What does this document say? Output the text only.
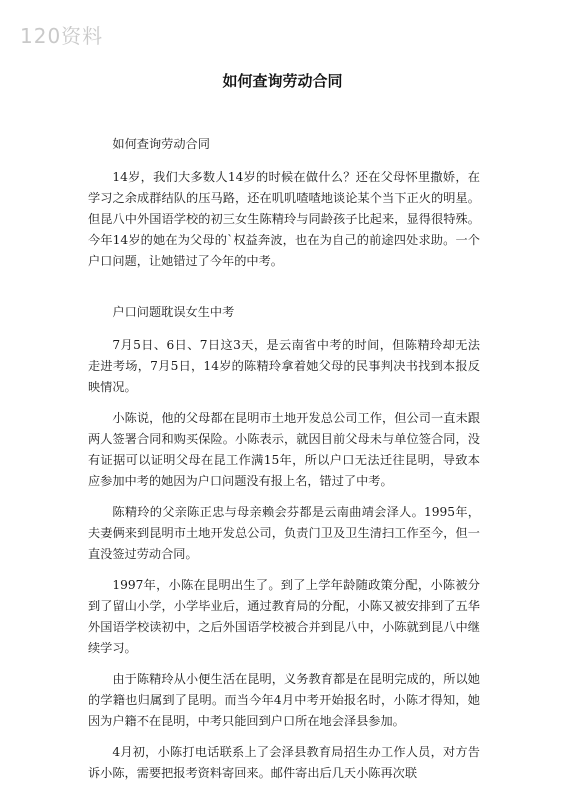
120资料
如何查询劳动合同

如何查询劳动合同

14岁，我们大多数人14岁的时候在做什么？还在父母怀里撒娇，在学习之余成群结队的压马路，还在叽叽喳喳地谈论某个当下正火的明星。但昆八中外国语学校的初三女生陈精玲与同龄孩子比起来，显得很特殊。今年14岁的她在为父母的`权益奔波，也在为自己的前途四处求助。一个户口问题，让她错过了今年的中考。

户口问题耽误女生中考

7月5日、6日、7日这3天，是云南省中考的时间，但陈精玲却无法走进考场，7月5日，14岁的陈精玲拿着她父母的民事判决书找到本报反映情况。

小陈说，他的父母都在昆明市土地开发总公司工作，但公司一直未跟两人签署合同和购买保险。小陈表示，就因目前父母未与单位签合同，没有证据可以证明父母在昆工作满15年，所以户口无法迁往昆明，导致本应参加中考的她因为户口问题没有报上名，错过了中考。

陈精玲的父亲陈正忠与母亲赖会芬都是云南曲靖会泽人。1995年，夫妻俩来到昆明市土地开发总公司，负责门卫及卫生清扫工作至今，但一直没签过劳动合同。

1997年，小陈在昆明出生了。到了上学年龄随政策分配，小陈被分到了留山小学，小学毕业后，通过教育局的分配，小陈又被安排到了五华外国语学校读初中，之后外国语学校被合并到昆八中，小陈就到昆八中继续学习。

由于陈精玲从小便生活在昆明，义务教育都是在昆明完成的，所以她的学籍也归属到了昆明。而当今年4月中考开始报名时，小陈才得知，她因为户籍不在昆明，中考只能回到户口所在地会泽县参加。

4月初，小陈打电话联系上了会泽县教育局招生办工作人员，对方告诉小陈，需要把报考资料寄回来。邮件寄出后几天小陈再次联
